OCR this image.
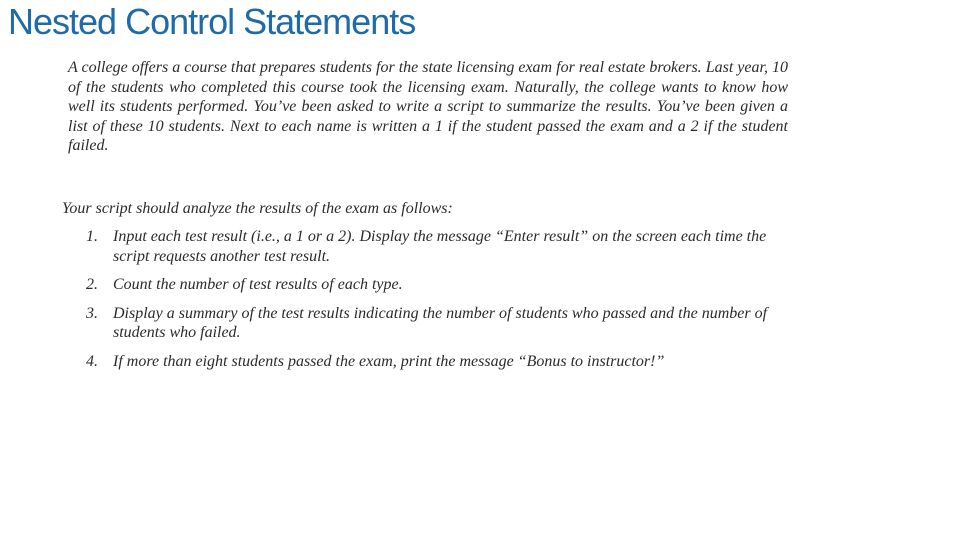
Nested Control Statements

A college offers a course that prepares students for the state licensing exam for real estate brokers. Last year, 10 of the students who completed this course took the licensing exam. Naturally, the college wants to know how well its students performed. You’ve been asked to write a script to summarize the results. You’ve been given a list of these 10 students. Next to each name is written a 1 if the student passed the exam and a 2 if the student failed.

Your script should analyze the results of the exam as follows:

1. Input each test result (i.e., a 1 or a 2). Display the message “Enter result” on the screen each time the script requests another test result.
2. Count the number of test results of each type.
3. Display a summary of the test results indicating the number of students who passed and the number of students who failed.
4. If more than eight students passed the exam, print the message “Bonus to instructor!”
